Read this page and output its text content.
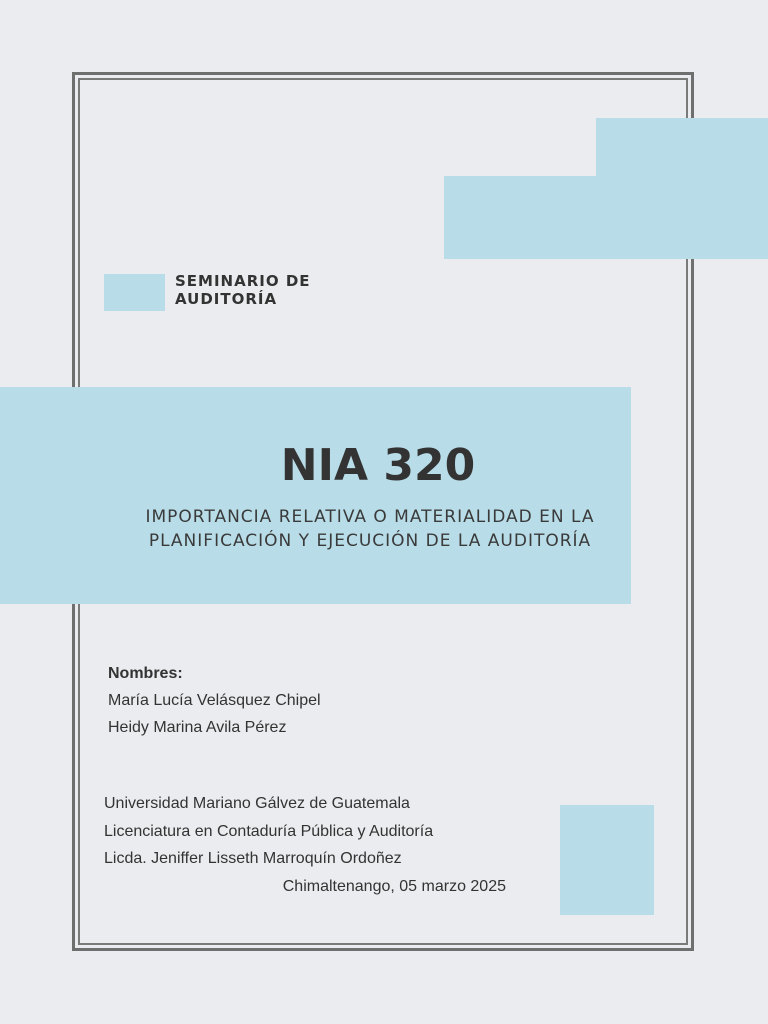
SEMINARIO DE
AUDITORÍA
NIA 320

IMPORTANCIA RELATIVA O MATERIALIDAD EN LA PLANIFICACIÓN Y EJECUCIÓN DE LA AUDITORÍA

Nombres:
María Lucía Velásquez Chipel
Heidy Marina Avila Pérez
Universidad Mariano Gálvez de Guatemala
Licenciatura en Contaduría Pública y Auditoría
Licda. Jeniffer Lisseth Marroquín Ordoñez
Chimaltenango, 05 marzo 2025
